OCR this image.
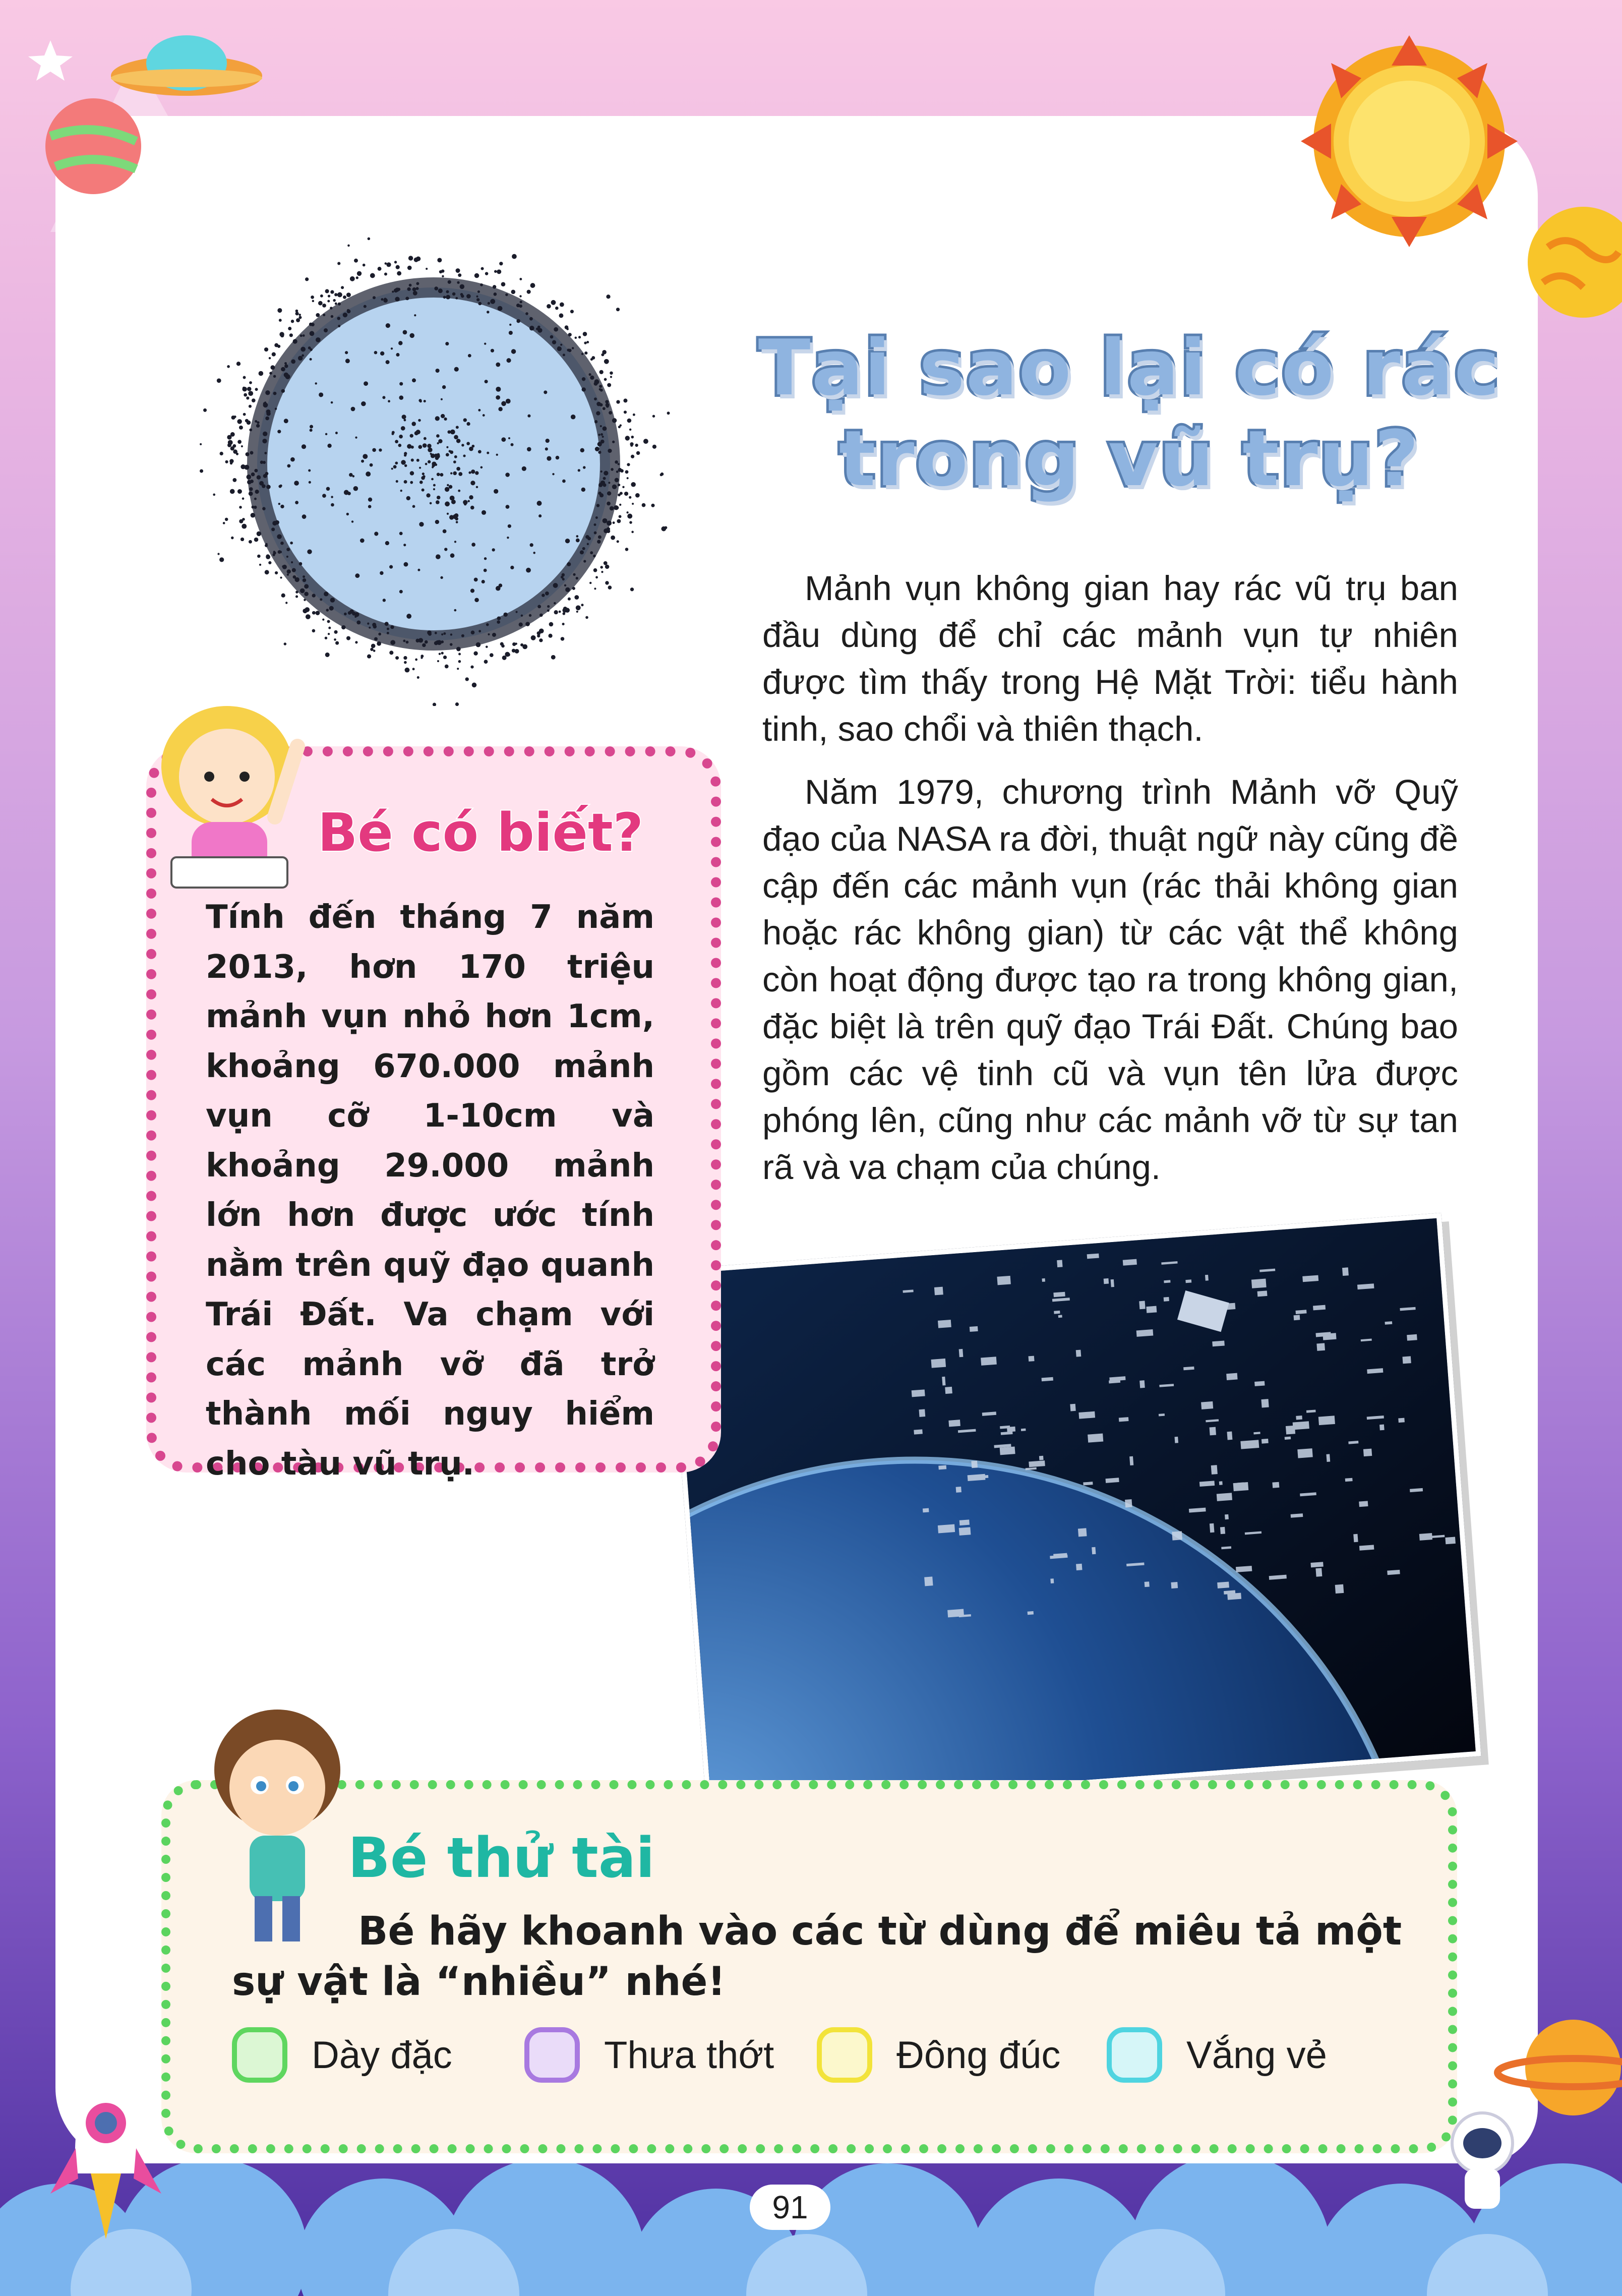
Tại sao lại có rác
trong vũ trụ?

Mảnh vụn không gian hay rác vũ trụ ban đầu dùng để chỉ các mảnh vụn tự nhiên được tìm thấy trong Hệ Mặt Trời: tiểu hành tinh, sao chổi và thiên thạch.

Năm 1979, chương trình Mảnh vỡ Quỹ đạo của NASA ra đời, thuật ngữ này cũng đề cập đến các mảnh vụn (rác thải không gian hoặc rác không gian) từ các vật thể không còn hoạt động được tạo ra trong không gian, đặc biệt là trên quỹ đạo Trái Đất. Chúng bao gồm các vệ tinh cũ và vụn tên lửa được phóng lên, cũng như các mảnh vỡ từ sự tan rã và va chạm của chúng.

Bé có biết?
Tính đến tháng 7 năm 2013, hơn 170 triệu mảnh vụn nhỏ hơn 1cm, khoảng 670.000 mảnh vụn cỡ 1-10cm và khoảng 29.000 mảnh lớn hơn được ước tính nằm trên quỹ đạo quanh Trái Đất. Va chạm với các mảnh vỡ đã trở thành mối nguy hiểm cho tàu vũ trụ.
Bé thử tài
Bé hãy khoanh vào các từ dùng để miêu tả một sự vật là “nhiều” nhé!
Dày đặc	Thưa thớt	Đông đúc	Vắng vẻ
91
